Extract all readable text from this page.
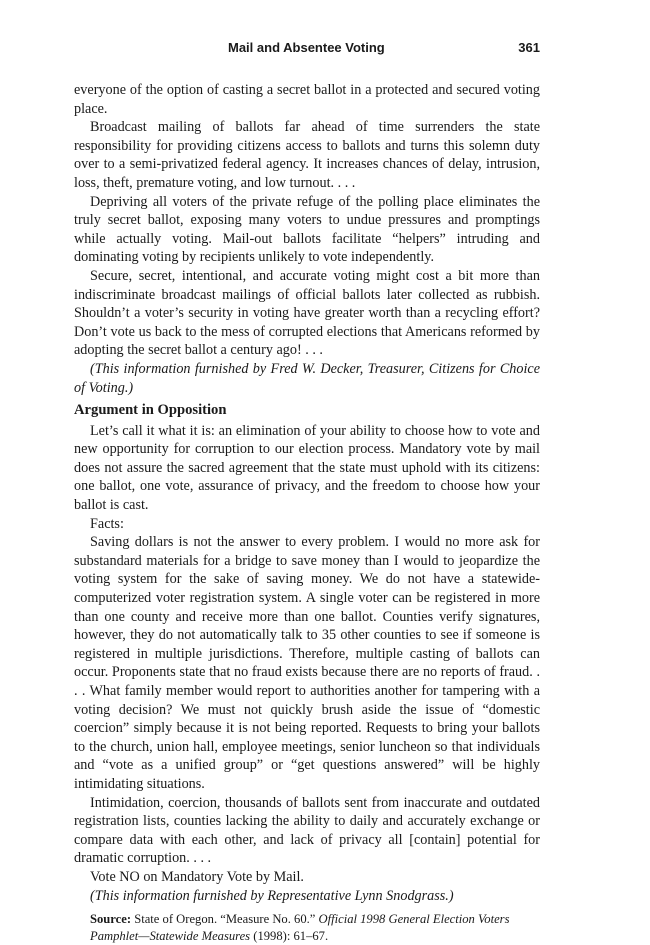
Mail and Absentee Voting	361

everyone of the option of casting a secret ballot in a protected and secured voting place.

Broadcast mailing of ballots far ahead of time surrenders the state responsibility for providing citizens access to ballots and turns this solemn duty over to a semi-privatized federal agency. It increases chances of delay, intrusion, loss, theft, premature voting, and low turnout. . . .

Depriving all voters of the private refuge of the polling place eliminates the truly secret ballot, exposing many voters to undue pressures and promptings while actually voting. Mail-out ballots facilitate “helpers” intruding and dominating voting by recipients unlikely to vote independently.

Secure, secret, intentional, and accurate voting might cost a bit more than indiscriminate broadcast mailings of official ballots later collected as rubbish. Shouldn’t a voter’s security in voting have greater worth than a recycling effort? Don’t vote us back to the mess of corrupted elections that Americans reformed by adopting the secret ballot a century ago! . . .

(This information furnished by Fred W. Decker, Treasurer, Citizens for Choice of Voting.)

Argument in Opposition

Let’s call it what it is: an elimination of your ability to choose how to vote and new opportunity for corruption to our election process. Mandatory vote by mail does not assure the sacred agreement that the state must uphold with its citizens: one ballot, one vote, assurance of privacy, and the freedom to choose how your ballot is cast.

Facts:

Saving dollars is not the answer to every problem. I would no more ask for substandard materials for a bridge to save money than I would to jeopardize the voting system for the sake of saving money. We do not have a statewide-computerized voter registration system. A single voter can be registered in more than one county and receive more than one ballot. Counties verify signatures, however, they do not automatically talk to 35 other counties to see if someone is registered in multiple jurisdictions. Therefore, multiple casting of ballots can occur. Proponents state that no fraud exists because there are no reports of fraud. . . . What family member would report to authorities another for tampering with a voting decision? We must not quickly brush aside the issue of “domestic coercion” simply because it is not being reported. Requests to bring your ballots to the church, union hall, employee meetings, senior luncheon so that individuals and “vote as a unified group” or “get questions answered” will be highly intimidating situations.

Intimidation, coercion, thousands of ballots sent from inaccurate and outdated registration lists, counties lacking the ability to daily and accurately exchange or compare data with each other, and lack of privacy all [contain] potential for dramatic corruption. . . .

Vote NO on Mandatory Vote by Mail.

(This information furnished by Representative Lynn Snodgrass.)

Source: State of Oregon. “Measure No. 60.” Official 1998 General Election Voters Pamphlet—Statewide Measures (1998): 61–67.
